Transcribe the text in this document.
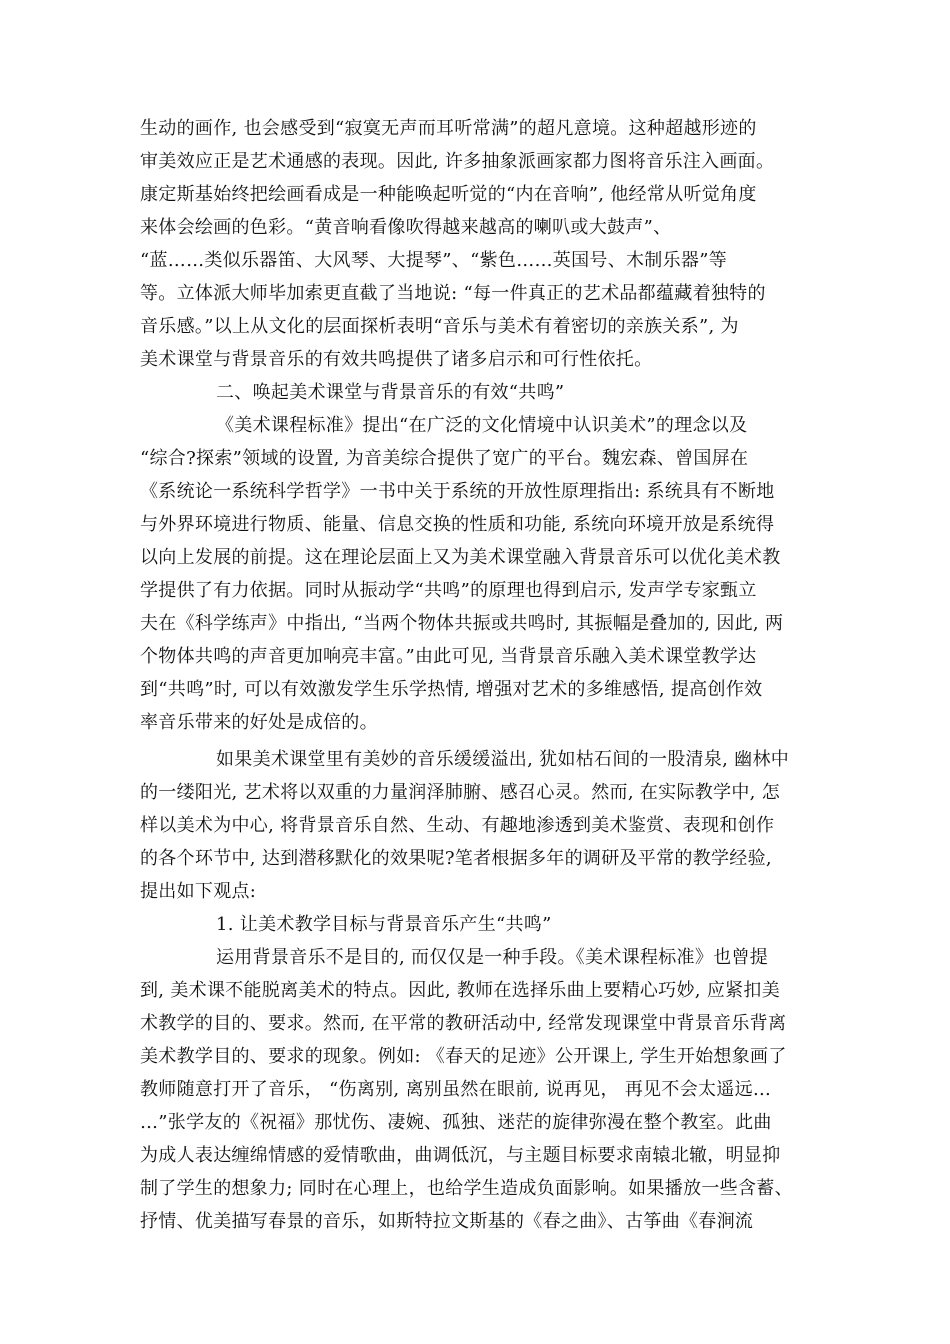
生动的画作, 也会感受到“寂寞无声而耳听常满”的超凡意境。这种超越形迹的
审美效应正是艺术通感的表现。因此, 许多抽象派画家都力图将音乐注入画面。
康定斯基始终把绘画看成是一种能唤起听觉的“内在音响”, 他经常从听觉角度
来体会绘画的色彩。“黄音响看像吹得越来越高的喇叭或大鼓声”、
“蓝……类似乐器笛、大风琴、大提琴”、“紫色……英国号、木制乐器”等
等。立体派大师毕加索更直截了当地说: “每一件真正的艺术品都蕴藏着独特的
音乐感。”以上从文化的层面探析表明“音乐与美术有着密切的亲族关系”, 为
美术课堂与背景音乐的有效共鸣提供了诸多启示和可行性依托。
二、唤起美术课堂与背景音乐的有效“共鸣”
《美术课程标准》提出“在广泛的文化情境中认识美术”的理念以及
“综合?探索”领域的设置, 为音美综合提供了宽广的平台。魏宏森、曾国屏在
《系统论一系统科学哲学》一书中关于系统的开放性原理指出: 系统具有不断地
与外界环境进行物质、能量、信息交换的性质和功能, 系统向环境开放是系统得
以向上发展的前提。这在理论层面上又为美术课堂融入背景音乐可以优化美术教
学提供了有力依据。同时从振动学“共鸣”的原理也得到启示, 发声学专家甄立
夫在《科学练声》中指出, “当两个物体共振或共鸣时, 其振幅是叠加的, 因此, 两
个物体共鸣的声音更加响亮丰富。”由此可见, 当背景音乐融入美术课堂教学达
到“共鸣”时, 可以有效激发学生乐学热情, 增强对艺术的多维感悟, 提高创作效
率音乐带来的好处是成倍的。
如果美术课堂里有美妙的音乐缓缓溢出, 犹如枯石间的一股清泉, 幽林中
的一缕阳光, 艺术将以双重的力量润泽肺腑、感召心灵。然而, 在实际教学中, 怎
样以美术为中心, 将背景音乐自然、生动、有趣地渗透到美术鉴赏、表现和创作
的各个环节中, 达到潜移默化的效果呢?笔者根据多年的调研及平常的教学经验,
提出如下观点:
1. 让美术教学目标与背景音乐产生“共鸣”
运用背景音乐不是目的, 而仅仅是一种手段。《美术课程标准》也曾提
到, 美术课不能脱离美术的特点。因此, 教师在选择乐曲上要精心巧妙, 应紧扣美
术教学的目的、要求。然而, 在平常的教研活动中, 经常发现课堂中背景音乐背离
美术教学目的、要求的现象。例如: 《春天的足迹》公开课上, 学生开始想象画了
教师随意打开了音乐， “伤离别, 离别虽然在眼前, 说再见， 再见不会太遥远…
…”张学友的《祝福》那忧伤、凄婉、孤独、迷茫的旋律弥漫在整个教室。此曲
为成人表达缠绵情感的爱情歌曲，曲调低沉，与主题目标要求南辕北辙，明显抑
制了学生的想象力; 同时在心理上，也给学生造成负面影响。如果播放一些含蓄、
抒情、优美描写春景的音乐，如斯特拉文斯基的《春之曲》、古筝曲《春涧流
